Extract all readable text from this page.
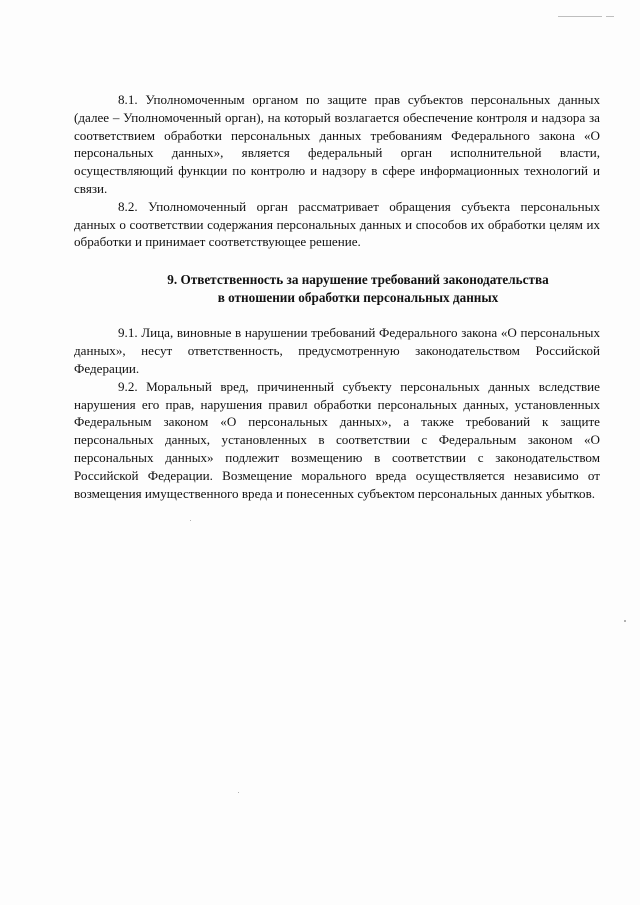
8.1. Уполномоченным органом по защите прав субъектов персональных данных (далее – Уполномоченный орган), на который возлагается обеспечение контроля и надзора за соответствием обработки персональных данных требованиям Федерального закона «О персональных данных», является федеральный орган исполнительной власти, осуществляющий функции по контролю и надзору в сфере информационных технологий и связи.

8.2. Уполномоченный орган рассматривает обращения субъекта персональных данных о соответствии содержания персональных данных и способов их обработки целям их обработки и принимает соответствующее решение.

9. Ответственность за нарушение требований законодательства
в отношении обработки персональных данных

9.1. Лица, виновные в нарушении требований Федерального закона «О персональных данных», несут ответственность, предусмотренную законодательством Российской Федерации.

9.2. Моральный вред, причиненный субъекту персональных данных вследствие нарушения его прав, нарушения правил обработки персональных данных, установленных Федеральным законом «О персональных данных», а также требований к защите персональных данных, установленных в соответствии с Федеральным законом «О персональных данных» подлежит возмещению в соответствии с законодательством Российской Федерации. Возмещение морального вреда осуществляется независимо от возмещения имущественного вреда и понесенных субъектом персональных данных убытков.
